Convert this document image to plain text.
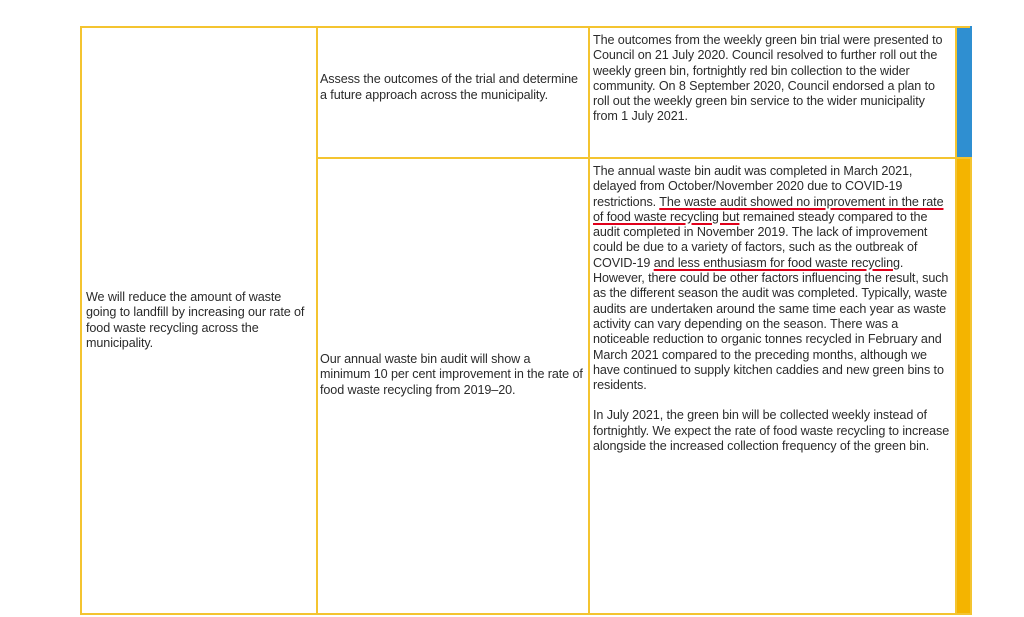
We will reduce the amount of waste going to landfill by increasing our rate of food waste recycling across the municipality.	Assess the outcomes of the trial and determine a future approach across the municipality.	The outcomes from the weekly green bin trial were presented to Council on 21 July 2020. Council resolved to further roll out the weekly green bin, fortnightly red bin collection to the wider community. On 8 September 2020, Council endorsed a plan to roll out the weekly green bin service to the wider municipality from 1 July 2021.	

	Our annual waste bin audit will show a minimum 10 per cent improvement in the rate of food waste recycling from 2019–20.	The annual waste bin audit was completed in March 2021, delayed from October/November 2020 due to COVID-19 restrictions. The waste audit showed no improvement in the rate of food waste recycling but remained steady compared to the audit completed in November 2019. The lack of improvement could be due to a variety of factors, such as the outbreak of COVID-19 and less enthusiasm for food waste recycling. However, there could be other factors influencing the result, such as the different season the audit was completed. Typically, waste audits are undertaken around the same time each year as waste activity can vary depending on the season. There was a noticeable reduction to organic tonnes recycled in February and March 2021 compared to the preceding months, although we have continued to supply kitchen caddies and new green bins to residents.

In July 2021, the green bin will be collected weekly instead of fortnightly. We expect the rate of food waste recycling to increase alongside the increased collection frequency of the green bin.	
